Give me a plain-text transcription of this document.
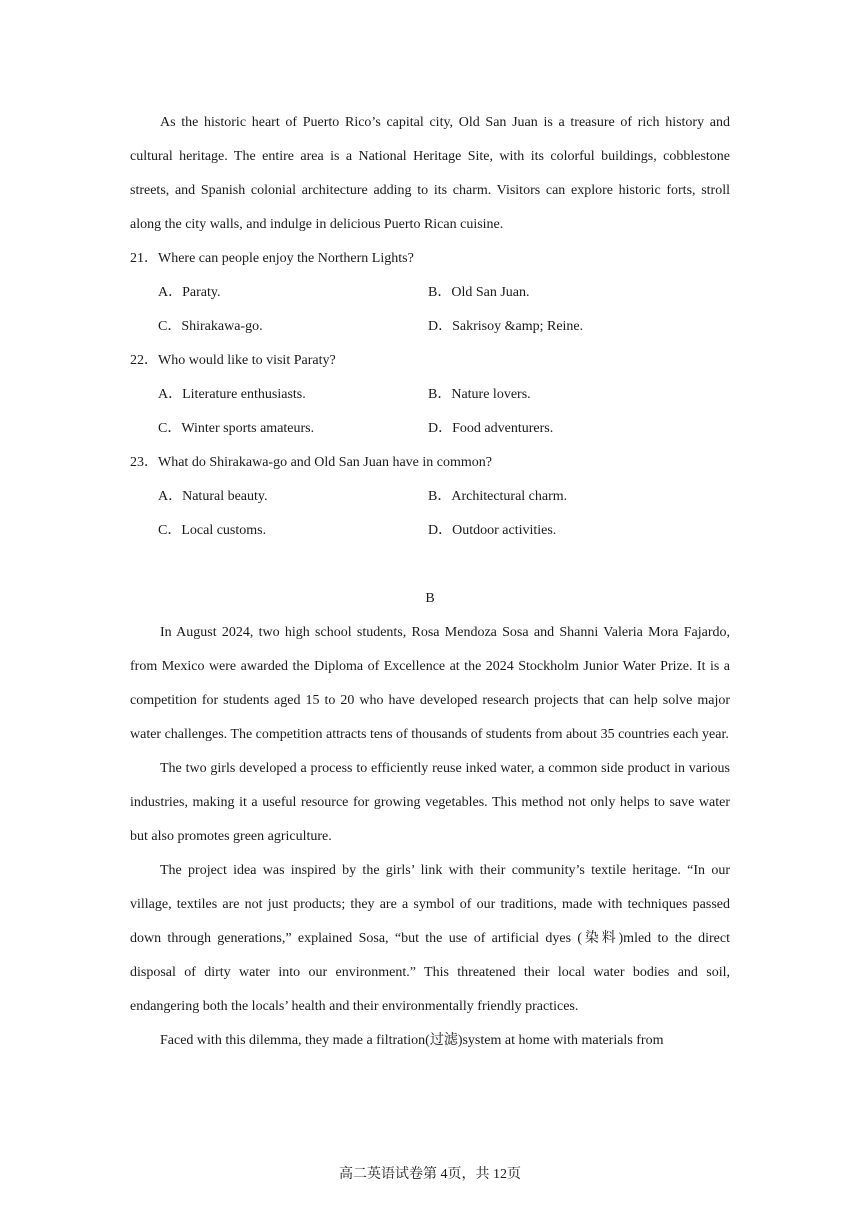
As the historic heart of Puerto Rico’s capital city, Old San Juan is a treasure of rich history and cultural heritage. The entire area is a National Heritage Site, with its colorful buildings, cobblestone streets, and Spanish colonial architecture adding to its charm. Visitors can explore historic forts, stroll along the city walls, and indulge in delicious Puerto Rican cuisine.

21．Where can people enjoy the Northern Lights?
A．Paraty.	B．Old San Juan.
C．Shirakawa-go.	D．Sakrisoy &amp; Reine.
22．Who would like to visit Paraty?
A．Literature enthusiasts.	B．Nature lovers.
C．Winter sports amateurs.	D．Food adventurers.
23．What do Shirakawa-go and Old San Juan have in common?
A．Natural beauty.	B．Architectural charm.
C．Local customs.	D．Outdoor activities.
B

In August 2024, two high school students, Rosa Mendoza Sosa and Shanni Valeria Mora Fajardo, from Mexico were awarded the Diploma of Excellence at the 2024 Stockholm Junior Water Prize. It is a competition for students aged 15 to 20 who have developed research projects that can help solve major water challenges. The competition attracts tens of thousands of students from about 35 countries each year.

The two girls developed a process to efficiently reuse inked water, a common side product in various industries, making it a useful resource for growing vegetables. This method not only helps to save water but also promotes green agriculture.

The project idea was inspired by the girls’ link with their community’s textile heritage. “In our village, textiles are not just products; they are a symbol of our traditions, made with techniques passed down through generations,” explained Sosa, “but the use of artificial dyes (染料)mled to the direct disposal of dirty water into our environment.” This threatened their local water bodies and soil, endangering both the locals’ health and their environmentally friendly practices.

Faced with this dilemma, they made a filtration(过滤)system at home with materials from

高二英语试卷第 4页，共 12页
